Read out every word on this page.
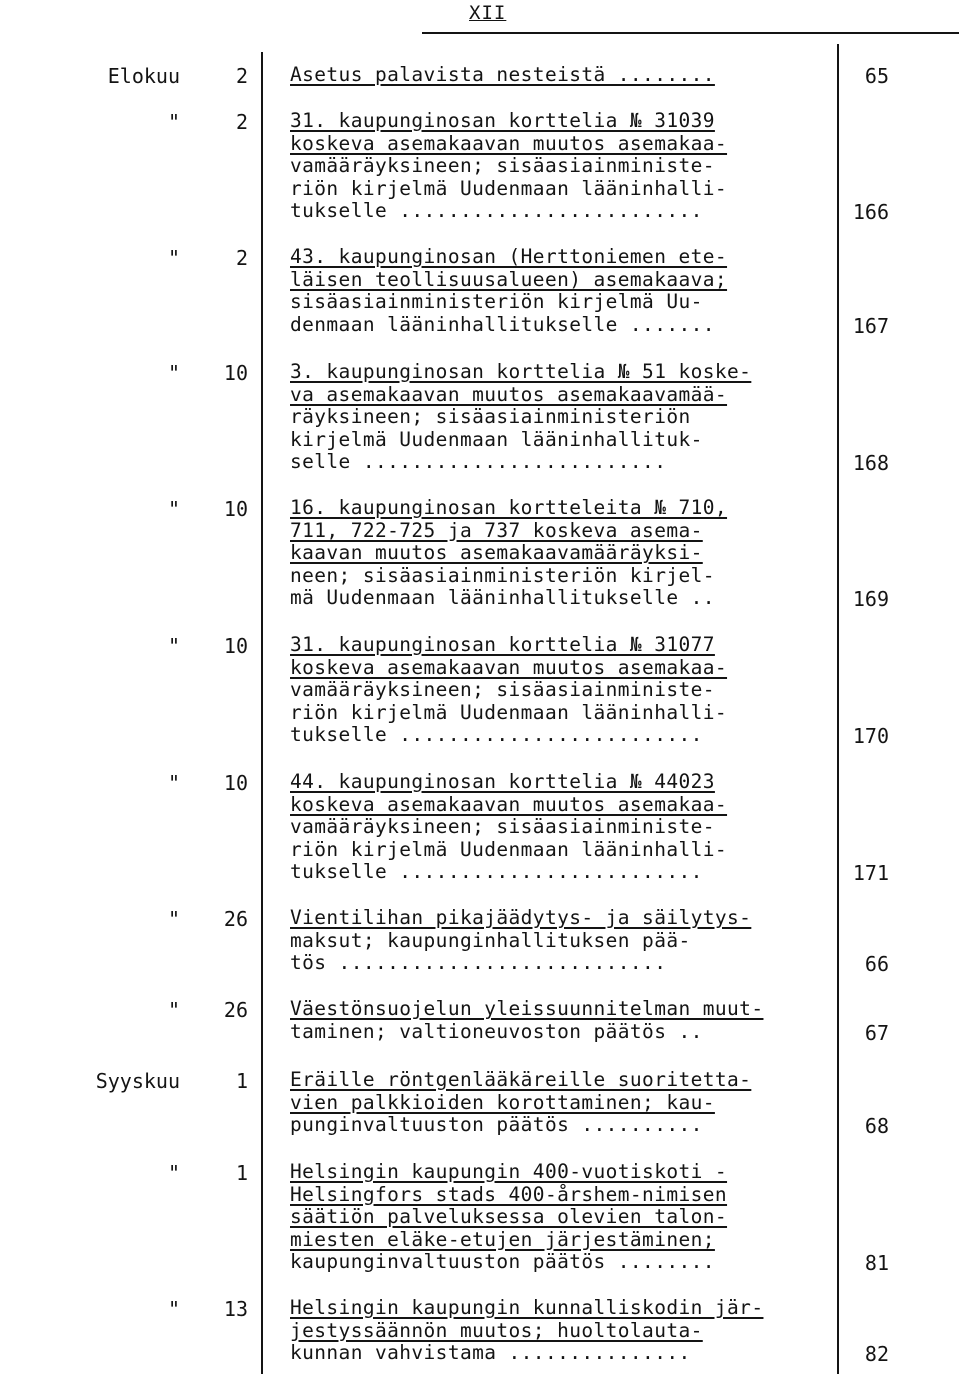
XII
Elokuu	2 Asetus palavista nesteistä ........	65
"	2 31. kaupunginosan korttelia № 31039
koskeva asemakaavan muutos asemakaa-
vamääräyksineen; sisäasiainministe-
riön kirjelmä Uudenmaan lääninhalli-
tukselle .........................	166
"	2 43. kaupunginosan (Herttoniemen ete-
läisen teollisuusalueen) asemakaava;
sisäasiainministeriön kirjelmä Uu-
denmaan lääninhallitukselle .......	167
" 10 3. kaupunginosan korttelia № 51 koske-
va asemakaavan muutos asemakaavamää-
räyksineen; sisäasiainministeriön
kirjelmä Uudenmaan lääninhallituk-
selle .........................	168
" 10 16. kaupunginosan kortteleita № 710,
711, 722-725 ja 737 koskeva asema-
kaavan muutos asemakaavamääräyksi-
neen; sisäasiainministeriön kirjel-
mä Uudenmaan lääninhallitukselle ..	169
" 10 31. kaupunginosan korttelia № 31077
koskeva asemakaavan muutos asemakaa-
vamääräyksineen; sisäasiainministe-
riön kirjelmä Uudenmaan lääninhalli-
tukselle .........................	170
" 10 44. kaupunginosan korttelia № 44023
koskeva asemakaavan muutos asemakaa-
vamääräyksineen; sisäasiainministe-
riön kirjelmä Uudenmaan lääninhalli-
tukselle .........................	171
" 26 Vientilihan pikajäädytys- ja säilytys-
maksut; kaupunginhallituksen pää-
tös ...........................	66
" 26 Väestönsuojelun yleissuunnitelman muut-
taminen; valtioneuvoston päätös ..	67
Syyskuu	1 Eräille röntgenlääkäreille suoritetta-
vien palkkioiden korottaminen; kau-
punginvaltuuston päätös ..........	68
"	1 Helsingin kaupungin 400-vuotiskoti -
Helsingfors stads 400-årshem-nimisen
säätiön palveluksessa olevien talon-
miesten eläke-etujen järjestäminen;
kaupunginvaltuuston päätös ........	81
" 13 Helsingin kaupungin kunnalliskodin jär-
jestyssäännön muutos; huoltolauta-
kunnan vahvistama ...............	82
